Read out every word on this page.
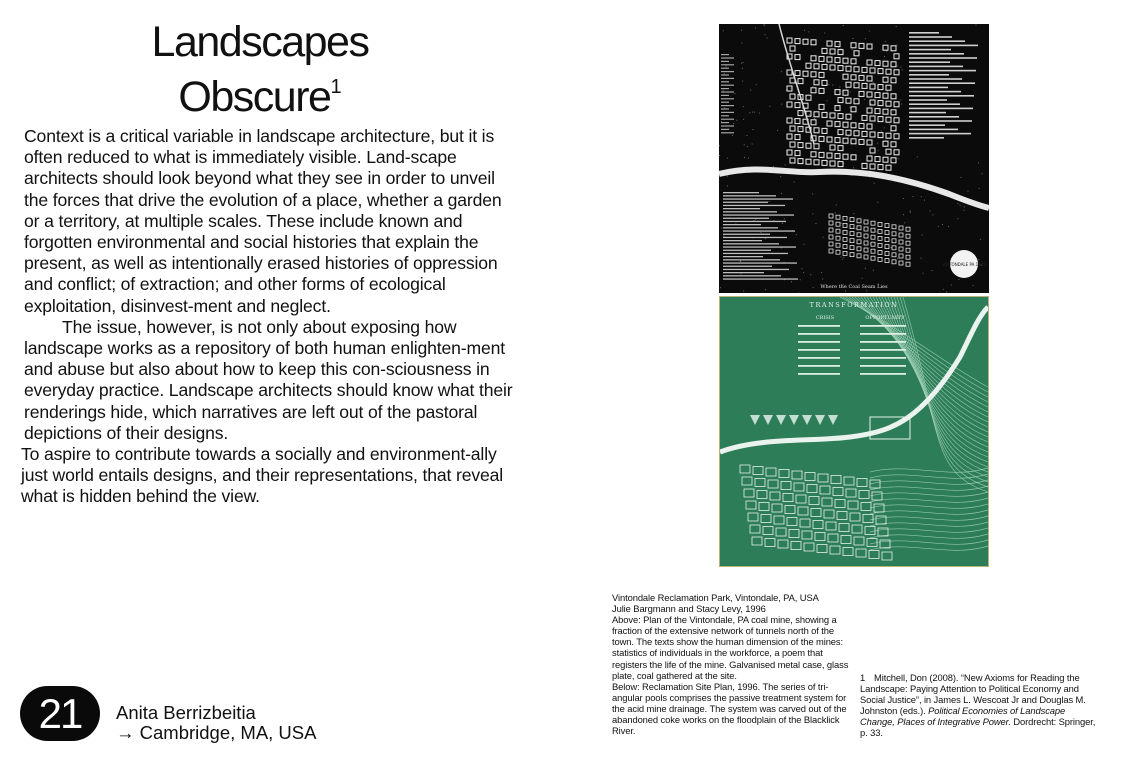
Landscapes
Obscure$^1$

Context is a critical variable in landscape architecture, but it is often reduced to what is immediately visible. Land-scape architects should look beyond what they see in order to unveil the forces that drive the evolution of a place, whether a garden or a territory, at multiple scales. These include known and forgotten environmental and social histories that explain the present, as well as intentionally erased histories of oppression and conflict; of extraction; and other forms of ecological exploitation, disinvest-ment and neglect.

The issue, however, is not only about exposing how landscape works as a repository of both human enlighten-ment and abuse but also about how to keep this con-sciousness in everyday practice. Landscape architects should know what their renderings hide, which narratives are left out of the pastoral depictions of their designs.

To aspire to contribute towards a socially and environment-ally just world entails designs, and their representations, that reveal what is hidden behind the view.

VINTONDALE PA 1925
Where the Coal Seam Lies
TRANSFORMATION
CRISIS	OPPORTUNITY
Vintondale Reclamation Park, Vintondale, PA, USA
Julie Bargmann and Stacy Levy, 1996
Above: Plan of the Vintondale, PA coal mine, showing a fraction of the extensive network of tunnels north of the town. The texts show the human dimension of the mines: statistics of individuals in the workforce, a poem that registers the life of the mine. Galvanised metal case, glass plate, coal gathered at the site.
Below: Reclamation Site Plan, 1996. The series of tri-angular pools comprises the passive treatment system for the acid mine drainage. The system was carved out of the abandoned coke works on the floodplain of the Blacklick River.
1 Mitchell, Don (2008). “New Axioms for Reading the Landscape: Paying Attention to Political Economy and Social Justice”, in James L. Wescoat Jr and Douglas M. Johnston (eds.). Political Economies of Landscape Change, Places of Integrative Power. Dordrecht: Springer, p. 33.
21	Anita Berrizbeitia
→ Cambridge, MA, USA
